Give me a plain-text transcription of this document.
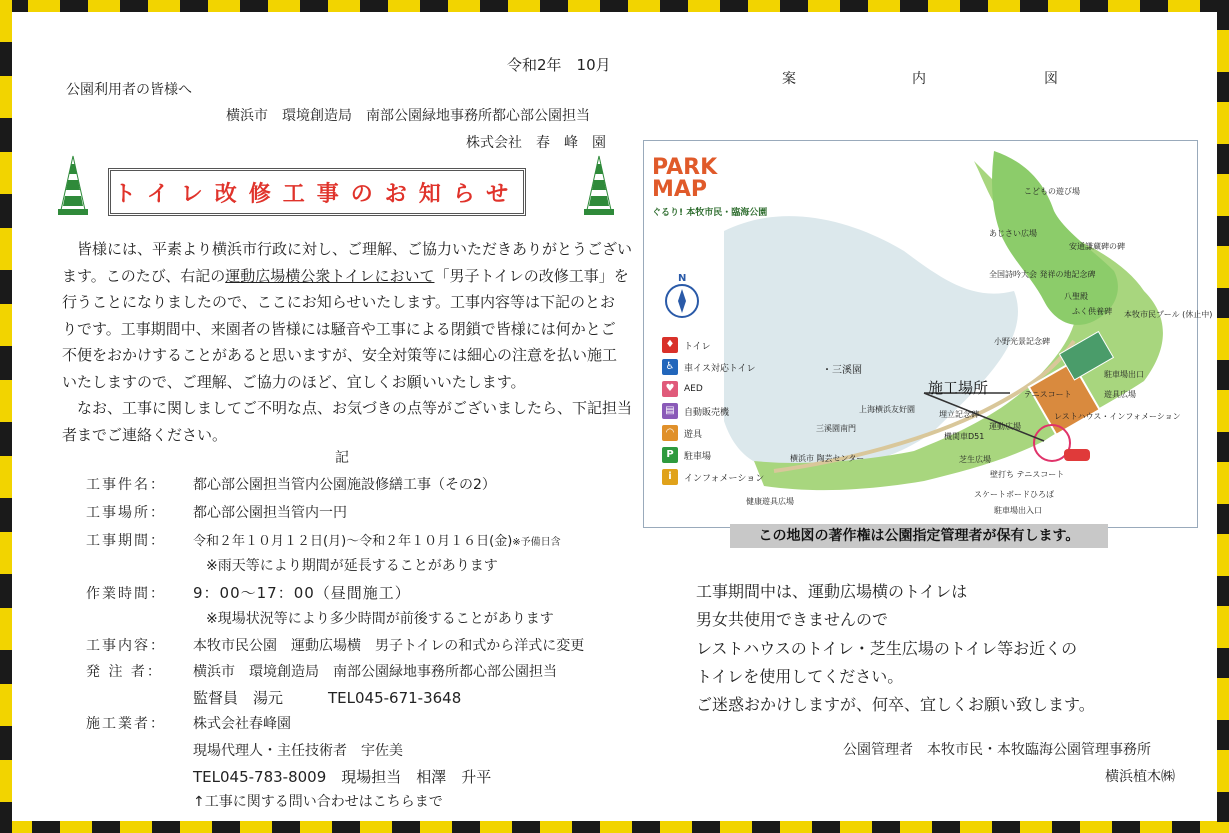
令和2年　10月
公園利用者の皆様へ
横浜市　環境創造局　南部公園緑地事務所都心部公園担当
株式会社　春　峰　園
トイレ改修工事のお知らせ

皆様には、平素より横浜市行政に対し、ご理解、ご協力いただきありがとうござい

ます。このたび、右記の運動広場横公衆トイレにおいて「男子トイレの改修工事」を

行うことになりましたので、ここにお知らせいたします。工事内容等は下記のとお

りです。工事期間中、来園者の皆様には騒音や工事による閉鎖で皆様には何かとご

不便をおかけすることがあると思いますが、安全対策等には細心の注意を払い施工

いたしますので、ご理解、ご協力のほど、宜しくお願いいたします。

なお、工事に関しましてご不明な点、お気づきの点等がございましたら、下記担当

者までご連絡ください。

記
工事件名：	都心部公園担当管内公園施設修繕工事（その2）
工事場所：	都心部公園担当管内一円
工事期間：	令和２年１０月１２日(月)～令和２年１０月１６日(金)※予備日含
※雨天等により期間が延長することがあります
作業時間：	9：00～17：00（昼間施工）
※現場状況等により多少時間が前後することがあります
工事内容：	本牧市民公園　運動広場横　男子トイレの和式から洋式に変更
発 注 者：	横浜市　環境創造局　南部公園緑地事務所都心部公園担当
監督員　湯元　　　TEL045-671-3648
施工業者：	株式会社春峰園
現場代理人・主任技術者　宇佐美
TEL045-783-8009　現場担当　相澤　升平
↑工事に関する問い合わせはこちらまで
案	内	図
PARK
MAP
ぐるり! 本牧市民・臨海公園
N
施工場所
こどもの遊び場
安通謙蔵碑の碑
あじさい広場
全国詩吟大会 発祥の地記念碑
八聖殿
ふく供養碑 本牧市民プール (休止中)
小野光景記念碑
駐車場出口
・三溪園
上海横浜友好園
埋立記念碑
テニスコート	遊具広場
レストハウス・インフォメーション
三溪園南門
機関車D51
運動広場
芝生広場
横浜市 陶芸センター
壁打ち テニスコート
スケートボードひろば
健康遊具広場
駐車場出入口
♦	トイレ
♿	車イス対応トイレ
♥	AED
▤	自動販売機
◠	遊具
P	駐車場
i	インフォメーション
この地図の著作権は公園指定管理者が保有します。

工事期間中は、運動広場横のトイレは

男女共使用できませんので

レストハウスのトイレ・芝生広場のトイレ等お近くの

トイレを使用してください。

ご迷惑おかけしますが、何卒、宜しくお願い致します。

公園管理者　本牧市民・本牧臨海公園管理事務所
横浜植木㈱
